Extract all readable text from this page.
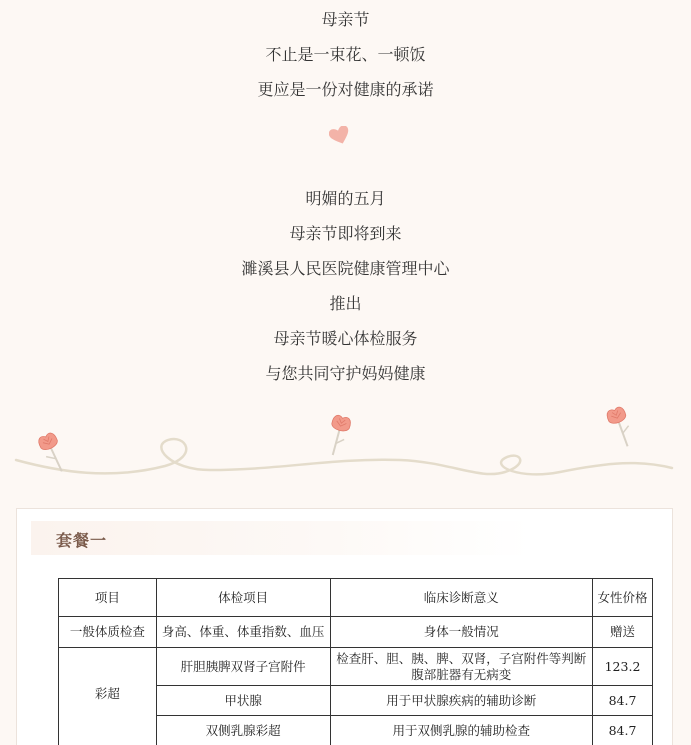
母亲节
不止是一束花、一顿饭
更应是一份对健康的承诺
明媚的五月
母亲节即将到来
濉溪县人民医院健康管理中心
推出
母亲节暖心体检服务
与您共同守护妈妈健康
套餐一
项目	体检项目	临床诊断意义	女性价格
一般体质检查	身高、体重、体重指数、血压	身体一般情况	赠送
彩超	肝胆胰脾双肾子宫附件	检查肝、胆、胰、脾、双肾，子宫附件等判断腹部脏器有无病变	123.2
	甲状腺	用于甲状腺疾病的辅助诊断	84.7
	双侧乳腺彩超	用于双侧乳腺的辅助检查	84.7
